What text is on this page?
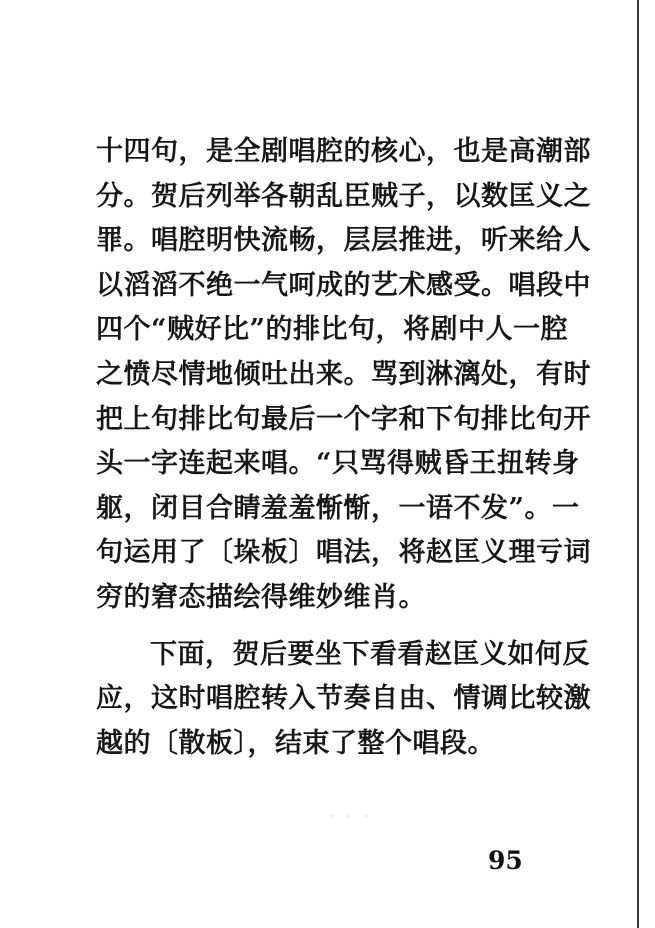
十四句，是全剧唱腔的核心，也是高潮部
分。贺后列举各朝乱臣贼子，以数匡义之
罪。唱腔明快流畅，层层推进，听来给人
以滔滔不绝一气呵成的艺术感受。唱段中
四个“贼好比”的排比句，将剧中人一腔
之愤尽情地倾吐出来。骂到淋漓处，有时
把上句排比句最后一个字和下句排比句开
头一字连起来唱。“只骂得贼昏王扭转身
躯，闭目合睛羞羞惭惭，一语不发”。一
句运用了〔垛板〕唱法，将赵匡义理亏词
穷的窘态描绘得维妙维肖。
下面，贺后要坐下看看赵匡义如何反
应，这时唱腔转入节奏自由、情调比较激
越的〔散板〕，结束了整个唱段。
· · ·
95
